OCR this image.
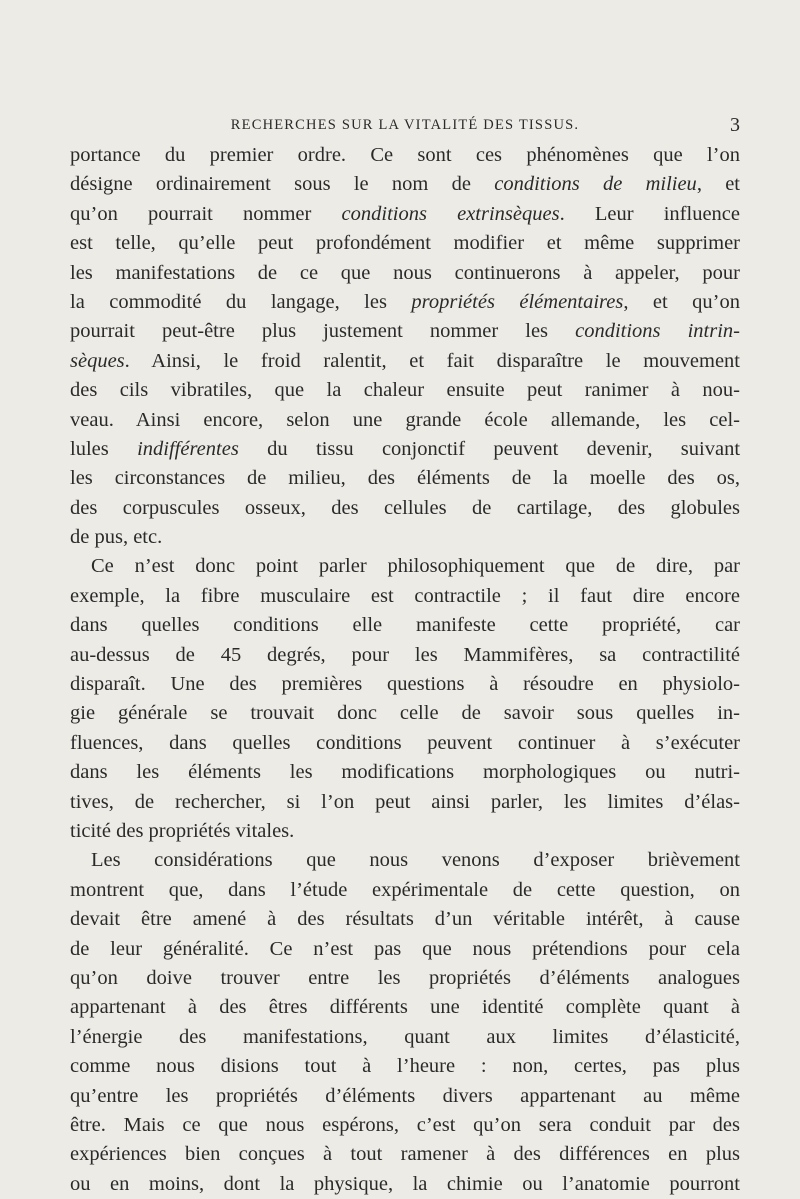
RECHERCHES SUR LA VITALITÉ DES TISSUS.	3
portance du premier ordre. Ce sont ces phénomènes que l’on
désigne ordinairement sous le nom de conditions de milieu, et
qu’on pourrait nommer conditions extrinsèques. Leur influence
est telle, qu’elle peut profondément modifier et même supprimer
les manifestations de ce que nous continuerons à appeler, pour
la commodité du langage, les propriétés élémentaires, et qu’on
pourrait peut-être plus justement nommer les conditions intrin-
sèques. Ainsi, le froid ralentit, et fait disparaître le mouvement
des cils vibratiles, que la chaleur ensuite peut ranimer à nou-
veau. Ainsi encore, selon une grande école allemande, les cel-
lules indifférentes du tissu conjonctif peuvent devenir, suivant
les circonstances de milieu, des éléments de la moelle des os,
des corpuscules osseux, des cellules de cartilage, des globules
de pus, etc.
Ce n’est donc point parler philosophiquement que de dire, par
exemple, la fibre musculaire est contractile ; il faut dire encore
dans quelles conditions elle manifeste cette propriété, car
au-dessus de 45 degrés, pour les Mammifères, sa contractilité
disparaît. Une des premières questions à résoudre en physiolo-
gie générale se trouvait donc celle de savoir sous quelles in-
fluences, dans quelles conditions peuvent continuer à s’exécuter
dans les éléments les modifications morphologiques ou nutri-
tives, de rechercher, si l’on peut ainsi parler, les limites d’élas-
ticité des propriétés vitales.
Les considérations que nous venons d’exposer brièvement
montrent que, dans l’étude expérimentale de cette question, on
devait être amené à des résultats d’un véritable intérêt, à cause
de leur généralité. Ce n’est pas que nous prétendions pour cela
qu’on doive trouver entre les propriétés d’éléments analogues
appartenant à des êtres différents une identité complète quant à
l’énergie des manifestations, quant aux limites d’élasticité,
comme nous disions tout à l’heure : non, certes, pas plus
qu’entre les propriétés d’éléments divers appartenant au même
être. Mais ce que nous espérons, c’est qu’on sera conduit par des
expériences bien conçues à tout ramener à des différences en plus
ou en moins, dont la physique, la chimie ou l’anatomie pourront
